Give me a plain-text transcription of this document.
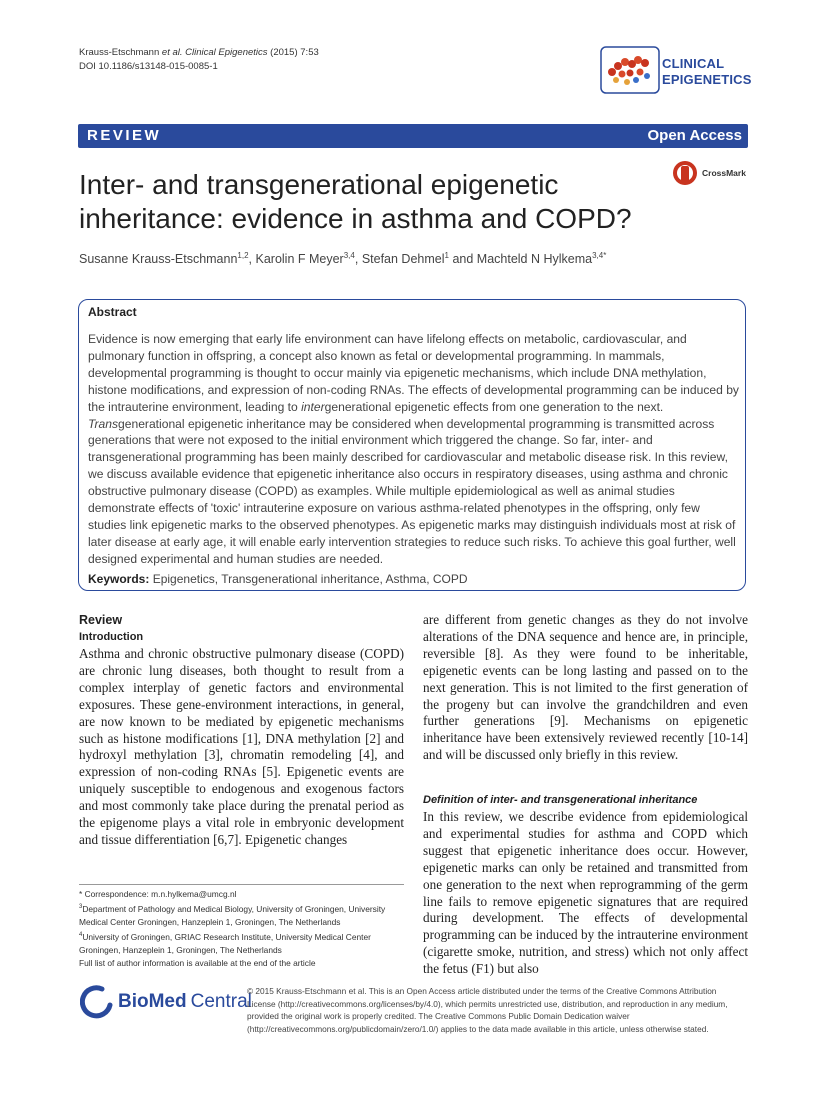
Krauss-Etschmann et al. Clinical Epigenetics (2015) 7:53
DOI 10.1186/s13148-015-0085-1	CLINICAL
EPIGENETICS
REVIEW	Open Access
Inter- and transgenerational epigenetic
inheritance: evidence in asthma and COPD?
CrossMark
Susanne Krauss-Etschmann$^{1,2}$, Karolin F Meyer$^{3,4}$, Stefan Dehmel$^1$ and Machteld N Hylkema$^{3,4*}$
Abstract
Evidence is now emerging that early life environment can have lifelong effects on metabolic, cardiovascular, and pulmonary function in offspring, a concept also known as fetal or developmental programming. In mammals, developmental programming is thought to occur mainly via epigenetic mechanisms, which include DNA methylation, histone modifications, and expression of non-coding RNAs. The effects of developmental programming can be induced by the intrauterine environment, leading to intergenerational epigenetic effects from one generation to the next. Transgenerational epigenetic inheritance may be considered when developmental programming is transmitted across generations that were not exposed to the initial environment which triggered the change. So far, inter- and transgenerational programming has been mainly described for cardiovascular and metabolic disease risk. In this review, we discuss available evidence that epigenetic inheritance also occurs in respiratory diseases, using asthma and chronic obstructive pulmonary disease (COPD) as examples. While multiple epidemiological as well as animal studies demonstrate effects of 'toxic' intrauterine exposure on various asthma-related phenotypes in the offspring, only few studies link epigenetic marks to the observed phenotypes. As epigenetic marks may distinguish individuals most at risk of later disease at early age, it will enable early intervention strategies to reduce such risks. To achieve this goal further, well designed experimental and human studies are needed.
Keywords: Epigenetics, Transgenerational inheritance, Asthma, COPD
Review
Introduction
Asthma and chronic obstructive pulmonary disease (COPD) are chronic lung diseases, both thought to result from a complex interplay of genetic factors and environmental exposures. These gene-environment interactions, in general, are now known to be mediated by epigenetic mechanisms such as histone modifications [1], DNA methylation [2] and hydroxyl methylation [3], chromatin remodeling [4], and expression of non-coding RNAs [5]. Epigenetic events are uniquely susceptible to endogenous and exogenous factors and most commonly take place during the prenatal period as the epigenome plays a vital role in embryonic development and tissue differentiation [6,7]. Epigenetic changes
* Correspondence: m.n.hylkema@umcg.nl
$^3$Department of Pathology and Medical Biology, University of Groningen, University Medical Center Groningen, Hanzeplein 1, Groningen, The Netherlands
$^4$University of Groningen, GRIAC Research Institute, University Medical Center Groningen, Hanzeplein 1, Groningen, The Netherlands
Full list of author information is available at the end of the article
are different from genetic changes as they do not involve alterations of the DNA sequence and hence are, in principle, reversible [8]. As they were found to be inheritable, epigenetic events can be long lasting and passed on to the next generation. This is not limited to the first generation of the progeny but can involve the grandchildren and even further generations [9]. Mechanisms on epigenetic inheritance have been extensively reviewed recently [10-14] and will be discussed only briefly in this review.
Definition of inter- and transgenerational inheritance
In this review, we describe evidence from epidemiological and experimental studies for asthma and COPD which suggest that epigenetic inheritance does occur. However, epigenetic marks can only be retained and transmitted from one generation to the next when reprogramming of the germ line fails to remove epigenetic signatures that are required during development. The effects of developmental programming can be induced by the intrauterine environment (cigarette smoke, nutrition, and stress) which not only affect the fetus (F1) but also
BioMed Central
© 2015 Krauss-Etschmann et al. This is an Open Access article distributed under the terms of the Creative Commons Attribution License (http://creativecommons.org/licenses/by/4.0), which permits unrestricted use, distribution, and reproduction in any medium, provided the original work is properly credited. The Creative Commons Public Domain Dedication waiver (http://creativecommons.org/publicdomain/zero/1.0/) applies to the data made available in this article, unless otherwise stated.
